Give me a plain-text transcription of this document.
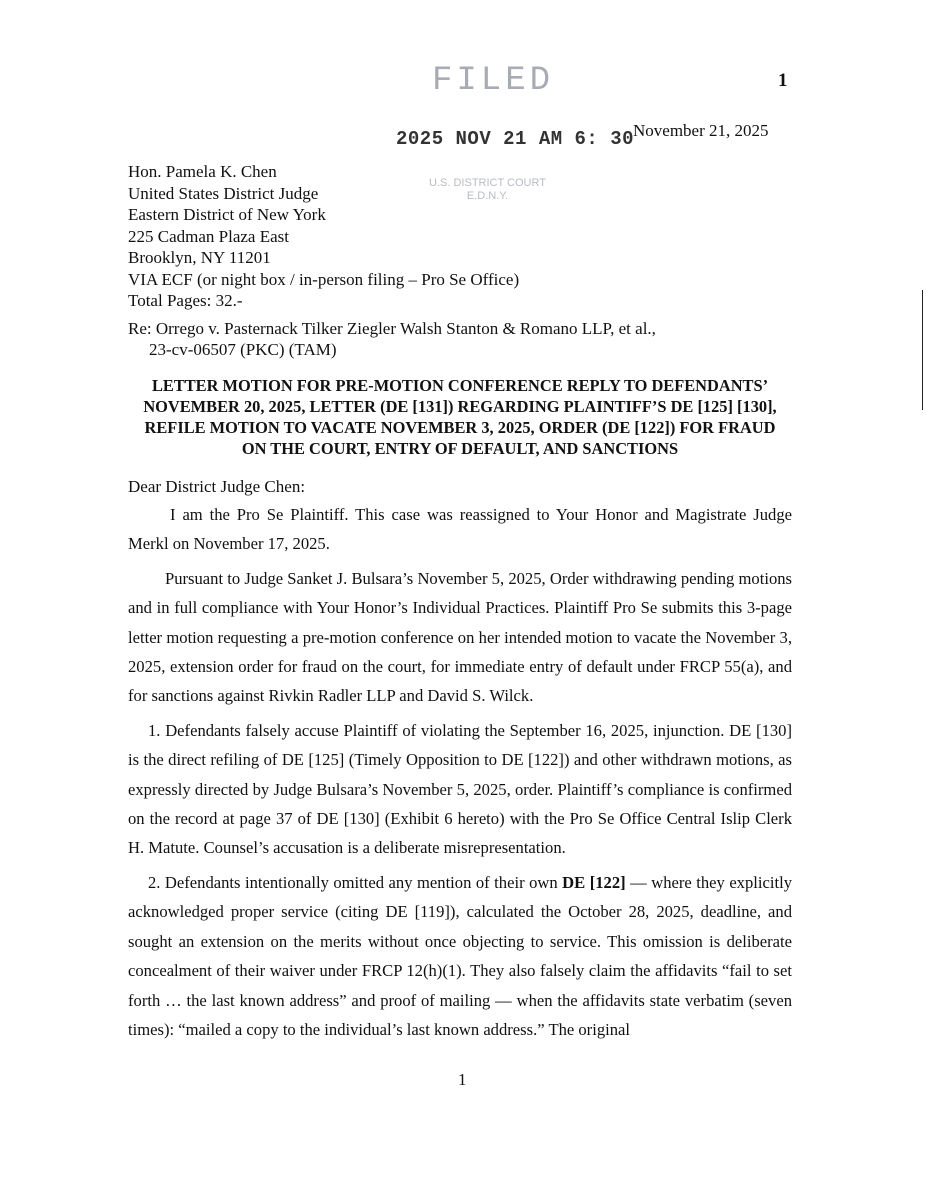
FILED	1
2025 NOV 21 AM 6: 30
November 21, 2025
U.S. DISTRICT COURT
E.D.N.Y.
Hon. Pamela K. Chen
United States District Judge
Eastern District of New York
225 Cadman Plaza East
Brooklyn, NY 11201
VIA ECF (or night box / in-person filing – Pro Se Office)
Total Pages: 32.-
Re: Orrego v. Pasternack Tilker Ziegler Walsh Stanton & Romano LLP, et al.,
23-cv-06507 (PKC) (TAM)
LETTER MOTION FOR PRE-MOTION CONFERENCE REPLY TO DEFENDANTS’
NOVEMBER 20, 2025, LETTER (DE [131]) REGARDING PLAINTIFF’S DE [125] [130],
REFILE MOTION TO VACATE NOVEMBER 3, 2025, ORDER (DE [122]) FOR FRAUD
ON THE COURT, ENTRY OF DEFAULT, AND SANCTIONS
Dear District Judge Chen:

I am the Pro Se Plaintiff. This case was reassigned to Your Honor and Magistrate Judge Merkl on November 17, 2025.

Pursuant to Judge Sanket J. Bulsara’s November 5, 2025, Order withdrawing pending motions and in full compliance with Your Honor’s Individual Practices. Plaintiff Pro Se submits this 3-page letter motion requesting a pre-motion conference on her intended motion to vacate the November 3, 2025, extension order for fraud on the court, for immediate entry of default under FRCP 55(a), and for sanctions against Rivkin Radler LLP and David S. Wilck.

1. Defendants falsely accuse Plaintiff of violating the September 16, 2025, injunction. DE [130] is the direct refiling of DE [125] (Timely Opposition to DE [122]) and other withdrawn motions, as expressly directed by Judge Bulsara’s November 5, 2025, order. Plaintiff’s compliance is confirmed on the record at page 37 of DE [130] (Exhibit 6 hereto) with the Pro Se Office Central Islip Clerk H. Matute. Counsel’s accusation is a deliberate misrepresentation.

2. Defendants intentionally omitted any mention of their own DE [122] — where they explicitly acknowledged proper service (citing DE [119]), calculated the October 28, 2025, deadline, and sought an extension on the merits without once objecting to service. This omission is deliberate concealment of their waiver under FRCP 12(h)(1). They also falsely claim the affidavits “fail to set forth … the last known address” and proof of mailing — when the affidavits state verbatim (seven times): “mailed a copy to the individual’s last known address.” The original

1
